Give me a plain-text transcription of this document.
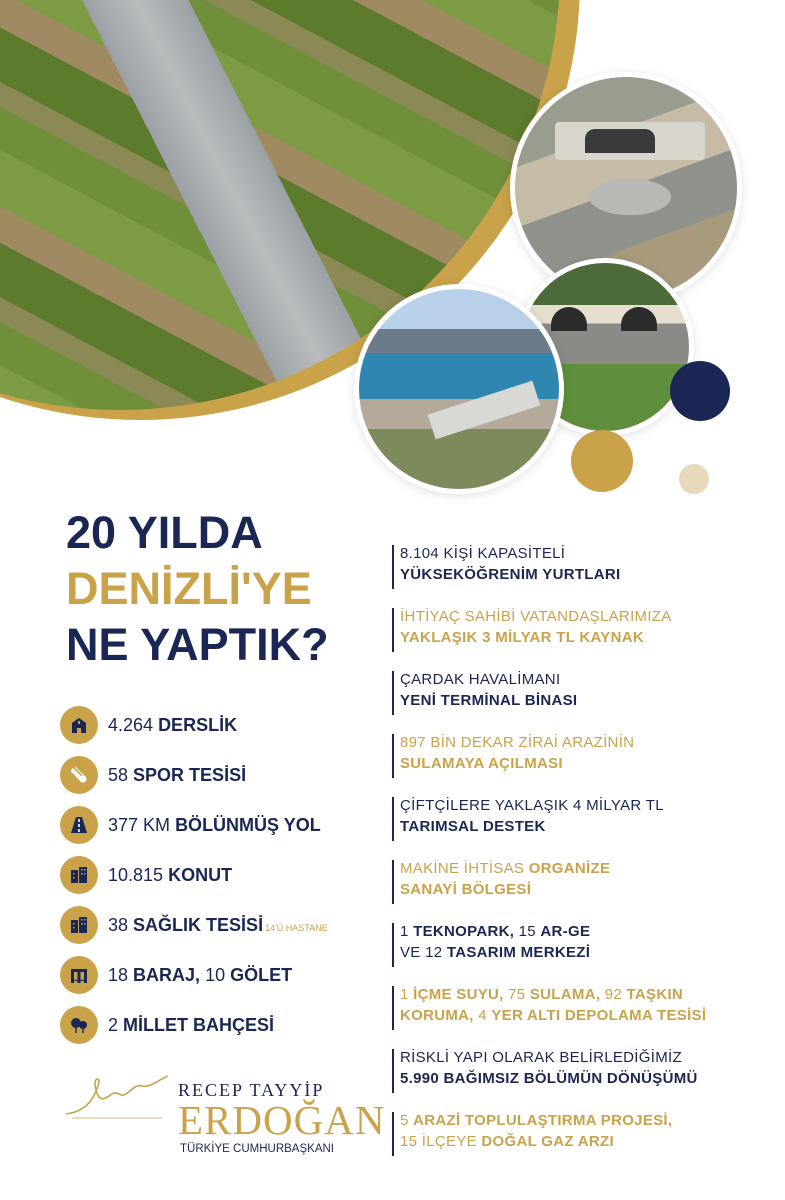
20 YILDA
DENİZLİ'YE
NE YAPTIK?
4.264 DERSLİK
58 SPOR TESİSİ
377 KM BÖLÜNMÜŞ YOL
10.815 KONUT
38 SAĞLIK TESİSİ 14'Ü HASTANE
18 BARAJ, 10 GÖLET
2 MİLLET BAHÇESİ
RECEP TAYYİP
ERDOĞAN
TÜRKİYE CUMHURBAŞKANI
8.104 KİŞİ KAPASİTELİ
YÜKSEKÖĞRENİM YURTLARI
İHTİYAÇ SAHİBİ VATANDAŞLARIMIZA
YAKLAŞIK 3 MİLYAR TL KAYNAK
ÇARDAK HAVALİMANI
YENİ TERMİNAL BİNASI
897 BİN DEKAR ZİRAİ ARAZİNİN
SULAMAYA AÇILMASI
ÇİFTÇİLERE YAKLAŞIK 4 MİLYAR TL
TARIMSAL DESTEK
MAKİNE İHTİSAS ORGANİZE
SANAYİ BÖLGESİ
1 TEKNOPARK, 15 AR-GE
VE 12 TASARIM MERKEZİ
1 İÇME SUYU, 75 SULAMA, 92 TAŞKIN
KORUMA, 4 YER ALTI DEPOLAMA TESİSİ
RİSKLİ YAPI OLARAK BELİRLEDİĞİMİZ
5.990 BAĞIMSIZ BÖLÜMÜN DÖNÜŞÜMÜ
5 ARAZİ TOPLULAŞTIRMA PROJESİ,
15 İLÇEYE DOĞAL GAZ ARZI
